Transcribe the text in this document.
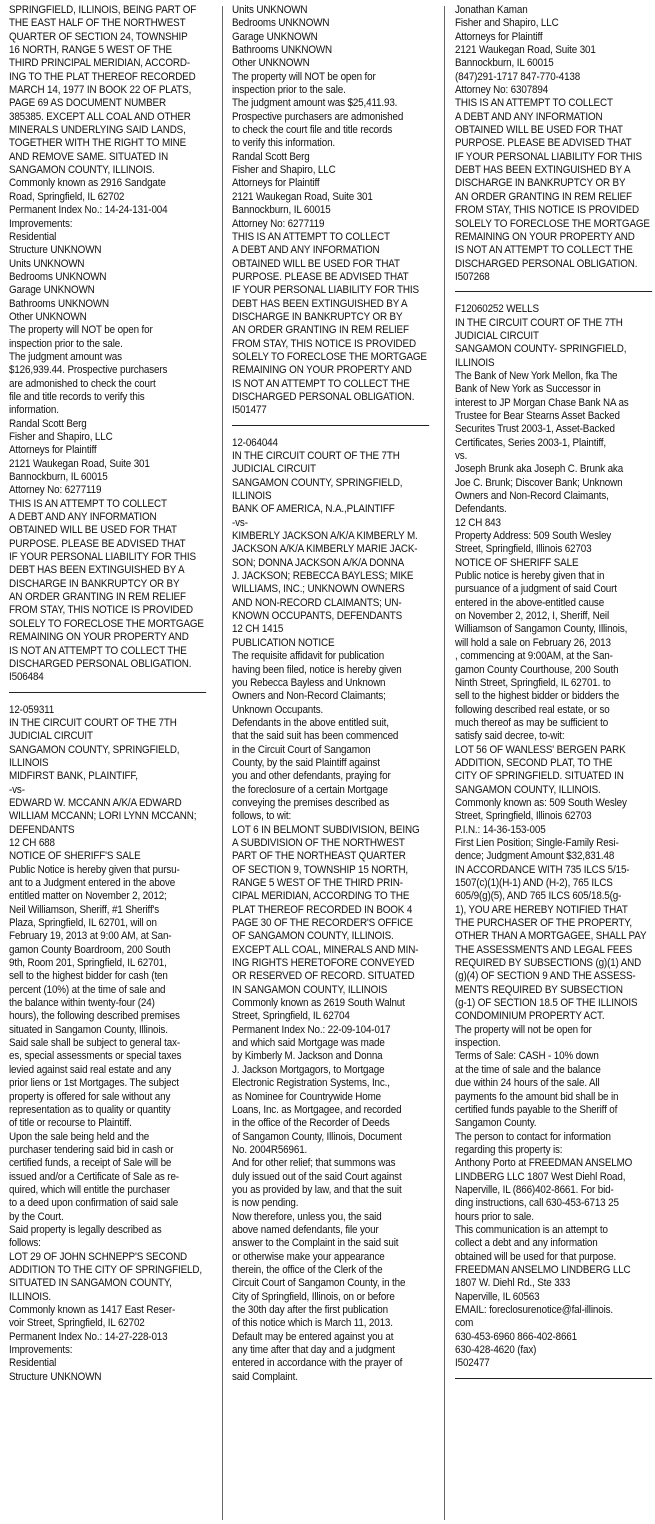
SPRINGFIELD, ILLINOIS, BEING PART OF
THE EAST HALF OF THE NORTHWEST
QUARTER OF SECTION 24, TOWNSHIP
16 NORTH, RANGE 5 WEST OF THE
THIRD PRINCIPAL MERIDIAN, ACCORD-
ING TO THE PLAT THEREOF RECORDED
MARCH 14, 1977 IN BOOK 22 OF PLATS,
PAGE 69 AS DOCUMENT NUMBER
385385. EXCEPT ALL COAL AND OTHER
MINERALS UNDERLYING SAID LANDS,
TOGETHER WITH THE RIGHT TO MINE
AND REMOVE SAME. SITUATED IN
SANGAMON COUNTY, ILLINOIS.
Commonly known as 2916 Sandgate
Road, Springfield, IL 62702
Permanent Index No.: 14-24-131-004
Improvements:
Residential
Structure UNKNOWN
Units UNKNOWN
Bedrooms UNKNOWN
Garage UNKNOWN
Bathrooms UNKNOWN
Other UNKNOWN
The property will NOT be open for
inspection prior to the sale.
The judgment amount was
$126,939.44. Prospective purchasers
are admonished to check the court
file and title records to verify this
information.
Randal Scott Berg
Fisher and Shapiro, LLC
Attorneys for Plaintiff
2121 Waukegan Road, Suite 301
Bannockburn, IL 60015
Attorney No: 6277119
THIS IS AN ATTEMPT TO COLLECT
A DEBT AND ANY INFORMATION
OBTAINED WILL BE USED FOR THAT
PURPOSE. PLEASE BE ADVISED THAT
IF YOUR PERSONAL LIABILITY FOR THIS
DEBT HAS BEEN EXTINGUISHED BY A
DISCHARGE IN BANKRUPTCY OR BY
AN ORDER GRANTING IN REM RELIEF
FROM STAY, THIS NOTICE IS PROVIDED
SOLELY TO FORECLOSE THE MORTGAGE
REMAINING ON YOUR PROPERTY AND
IS NOT AN ATTEMPT TO COLLECT THE
DISCHARGED PERSONAL OBLIGATION.
I506484
12-059311
IN THE CIRCUIT COURT OF THE 7TH
JUDICIAL CIRCUIT
SANGAMON COUNTY, SPRINGFIELD,
ILLINOIS
MIDFIRST BANK, PLAINTIFF,
-vs-
EDWARD W. MCCANN A/K/A EDWARD
WILLIAM MCCANN; LORI LYNN MCCANN;
DEFENDANTS
12 CH 688
NOTICE OF SHERIFF'S SALE
Public Notice is hereby given that pursu-
ant to a Judgment entered in the above
entitled matter on November 2, 2012;
Neil Williamson, Sheriff, #1 Sheriff's
Plaza, Springfield, IL 62701, will on
February 19, 2013 at 9:00 AM, at San-
gamon County Boardroom, 200 South
9th, Room 201, Springfield, IL 62701,
sell to the highest bidder for cash (ten
percent (10%) at the time of sale and
the balance within twenty-four (24)
hours), the following described premises
situated in Sangamon County, Illinois.
Said sale shall be subject to general tax-
es, special assessments or special taxes
levied against said real estate and any
prior liens or 1st Mortgages. The subject
property is offered for sale without any
representation as to quality or quantity
of title or recourse to Plaintiff.
Upon the sale being held and the
purchaser tendering said bid in cash or
certified funds, a receipt of Sale will be
issued and/or a Certificate of Sale as re-
quired, which will entitle the purchaser
to a deed upon confirmation of said sale
by the Court.
Said property is legally described as
follows:
LOT 29 OF JOHN SCHNEPP'S SECOND
ADDITION TO THE CITY OF SPRINGFIELD,
SITUATED IN SANGAMON COUNTY,
ILLINOIS.
Commonly known as 1417 East Reser-
voir Street, Springfield, IL 62702
Permanent Index No.: 14-27-228-013
Improvements:
Residential
Structure UNKNOWN
Units UNKNOWN
Bedrooms UNKNOWN
Garage UNKNOWN
Bathrooms UNKNOWN
Other UNKNOWN
The property will NOT be open for
inspection prior to the sale.
The judgment amount was $25,411.93.
Prospective purchasers are admonished
to check the court file and title records
to verify this information.
Randal Scott Berg
Fisher and Shapiro, LLC
Attorneys for Plaintiff
2121 Waukegan Road, Suite 301
Bannockburn, IL 60015
Attorney No: 6277119
THIS IS AN ATTEMPT TO COLLECT
A DEBT AND ANY INFORMATION
OBTAINED WILL BE USED FOR THAT
PURPOSE. PLEASE BE ADVISED THAT
IF YOUR PERSONAL LIABILITY FOR THIS
DEBT HAS BEEN EXTINGUISHED BY A
DISCHARGE IN BANKRUPTCY OR BY
AN ORDER GRANTING IN REM RELIEF
FROM STAY, THIS NOTICE IS PROVIDED
SOLELY TO FORECLOSE THE MORTGAGE
REMAINING ON YOUR PROPERTY AND
IS NOT AN ATTEMPT TO COLLECT THE
DISCHARGED PERSONAL OBLIGATION.
I501477
12-064044
IN THE CIRCUIT COURT OF THE 7TH
JUDICIAL CIRCUIT
SANGAMON COUNTY, SPRINGFIELD,
ILLINOIS
BANK OF AMERICA, N.A.,PLAINTIFF
-vs-
KIMBERLY JACKSON A/K/A KIMBERLY M.
JACKSON A/K/A KIMBERLY MARIE JACK-
SON; DONNA JACKSON A/K/A DONNA
J. JACKSON; REBECCA BAYLESS; MIKE
WILLIAMS, INC.; UNKNOWN OWNERS
AND NON-RECORD CLAIMANTS; UN-
KNOWN OCCUPANTS, DEFENDANTS
12 CH 1415
PUBLICATION NOTICE
The requisite affidavit for publication
having been filed, notice is hereby given
you Rebecca Bayless and Unknown
Owners and Non-Record Claimants;
Unknown Occupants.
Defendants in the above entitled suit,
that the said suit has been commenced
in the Circuit Court of Sangamon
County, by the said Plaintiff against
you and other defendants, praying for
the foreclosure of a certain Mortgage
conveying the premises described as
follows, to wit:
LOT 6 IN BELMONT SUBDIVISION, BEING
A SUBDIVISION OF THE NORTHWEST
PART OF THE NORTHEAST QUARTER
OF SECTION 9, TOWNSHIP 15 NORTH,
RANGE 5 WEST OF THE THIRD PRIN-
CIPAL MERIDIAN, ACCORDING TO THE
PLAT THEREOF RECORDED IN BOOK 4
PAGE 30 OF THE RECORDER'S OFFICE
OF SANGAMON COUNTY, ILLINOIS.
EXCEPT ALL COAL, MINERALS AND MIN-
ING RIGHTS HERETOFORE CONVEYED
OR RESERVED OF RECORD. SITUATED
IN SANGAMON COUNTY, ILLINOIS
Commonly known as 2619 South Walnut
Street, Springfield, IL 62704
Permanent Index No.: 22-09-104-017
and which said Mortgage was made
by Kimberly M. Jackson and Donna
J. Jackson Mortgagors, to Mortgage
Electronic Registration Systems, Inc.,
as Nominee for Countrywide Home
Loans, Inc. as Mortgagee, and recorded
in the office of the Recorder of Deeds
of Sangamon County, Illinois, Document
No. 2004R56961.
And for other relief; that summons was
duly issued out of the said Court against
you as provided by law, and that the suit
is now pending.
Now therefore, unless you, the said
above named defendants, file your
answer to the Complaint in the said suit
or otherwise make your appearance
therein, the office of the Clerk of the
Circuit Court of Sangamon County, in the
City of Springfield, Illinois, on or before
the 30th day after the first publication
of this notice which is March 11, 2013.
Default may be entered against you at
any time after that day and a judgment
entered in accordance with the prayer of
said Complaint.
Jonathan Kaman
Fisher and Shapiro, LLC
Attorneys for Plaintiff
2121 Waukegan Road, Suite 301
Bannockburn, IL 60015
(847)291-1717 847-770-4138
Attorney No: 6307894
THIS IS AN ATTEMPT TO COLLECT
A DEBT AND ANY INFORMATION
OBTAINED WILL BE USED FOR THAT
PURPOSE. PLEASE BE ADVISED THAT
IF YOUR PERSONAL LIABILITY FOR THIS
DEBT HAS BEEN EXTINGUISHED BY A
DISCHARGE IN BANKRUPTCY OR BY
AN ORDER GRANTING IN REM RELIEF
FROM STAY, THIS NOTICE IS PROVIDED
SOLELY TO FORECLOSE THE MORTGAGE
REMAINING ON YOUR PROPERTY AND
IS NOT AN ATTEMPT TO COLLECT THE
DISCHARGED PERSONAL OBLIGATION.
I507268
F12060252 WELLS
IN THE CIRCUIT COURT OF THE 7TH
JUDICIAL CIRCUIT
SANGAMON COUNTY- SPRINGFIELD,
ILLINOIS
The Bank of New York Mellon, fka The
Bank of New York as Successor in
interest to JP Morgan Chase Bank NA as
Trustee for Bear Stearns Asset Backed
Securites Trust 2003-1, Asset-Backed
Certificates, Series 2003-1, Plaintiff,
vs.
Joseph Brunk aka Joseph C. Brunk aka
Joe C. Brunk; Discover Bank; Unknown
Owners and Non-Record Claimants,
Defendants.
12 CH 843
Property Address: 509 South Wesley
Street, Springfield, Illinois 62703
NOTICE OF SHERIFF SALE
Public notice is hereby given that in
pursuance of a judgment of said Court
entered in the above-entitled cause
on November 2, 2012, I, Sheriff, Neil
Williamson of Sangamon County, Illinois,
will hold a sale on February 26, 2013
, commencing at 9:00AM, at the San-
gamon County Courthouse, 200 South
Ninth Street, Springfield, IL 62701. to
sell to the highest bidder or bidders the
following described real estate, or so
much thereof as may be sufficient to
satisfy said decree, to-wit:
LOT 56 OF WANLESS' BERGEN PARK
ADDITION, SECOND PLAT, TO THE
CITY OF SPRINGFIELD. SITUATED IN
SANGAMON COUNTY, ILLINOIS.
Commonly known as: 509 South Wesley
Street, Springfield, Illinois 62703
P.I.N.: 14-36-153-005
First Lien Position; Single-Family Resi-
dence; Judgment Amount $32,831.48
IN ACCORDANCE WITH 735 ILCS 5/15-
1507(c)(1)(H-1) AND (H-2), 765 ILCS
605/9(g)(5), AND 765 ILCS 605/18.5(g-
1), YOU ARE HEREBY NOTIFIED THAT
THE PURCHASER OF THE PROPERTY,
OTHER THAN A MORTGAGEE, SHALL PAY
THE ASSESSMENTS AND LEGAL FEES
REQUIRED BY SUBSECTIONS (g)(1) AND
(g)(4) OF SECTION 9 AND THE ASSESS-
MENTS REQUIRED BY SUBSECTION
(g-1) OF SECTION 18.5 OF THE ILLINOIS
CONDOMINIUM PROPERTY ACT.
The property will not be open for
inspection.
Terms of Sale: CASH - 10% down
at the time of sale and the balance
due within 24 hours of the sale. All
payments fo the amount bid shall be in
certified funds payable to the Sheriff of
Sangamon County.
The person to contact for information
regarding this property is:
Anthony Porto at FREEDMAN ANSELMO
LINDBERG LLC 1807 West Diehl Road,
Naperville, IL (866)402-8661. For bid-
ding instructions, call 630-453-6713 25
hours prior to sale.
This communication is an attempt to
collect a debt and any information
obtained will be used for that purpose.
FREEDMAN ANSELMO LINDBERG LLC
1807 W. Diehl Rd., Ste 333
Naperville, IL 60563
EMAIL: foreclosurenotice@fal-illinois.
com
630-453-6960 866-402-8661
630-428-4620 (fax)
I502477
